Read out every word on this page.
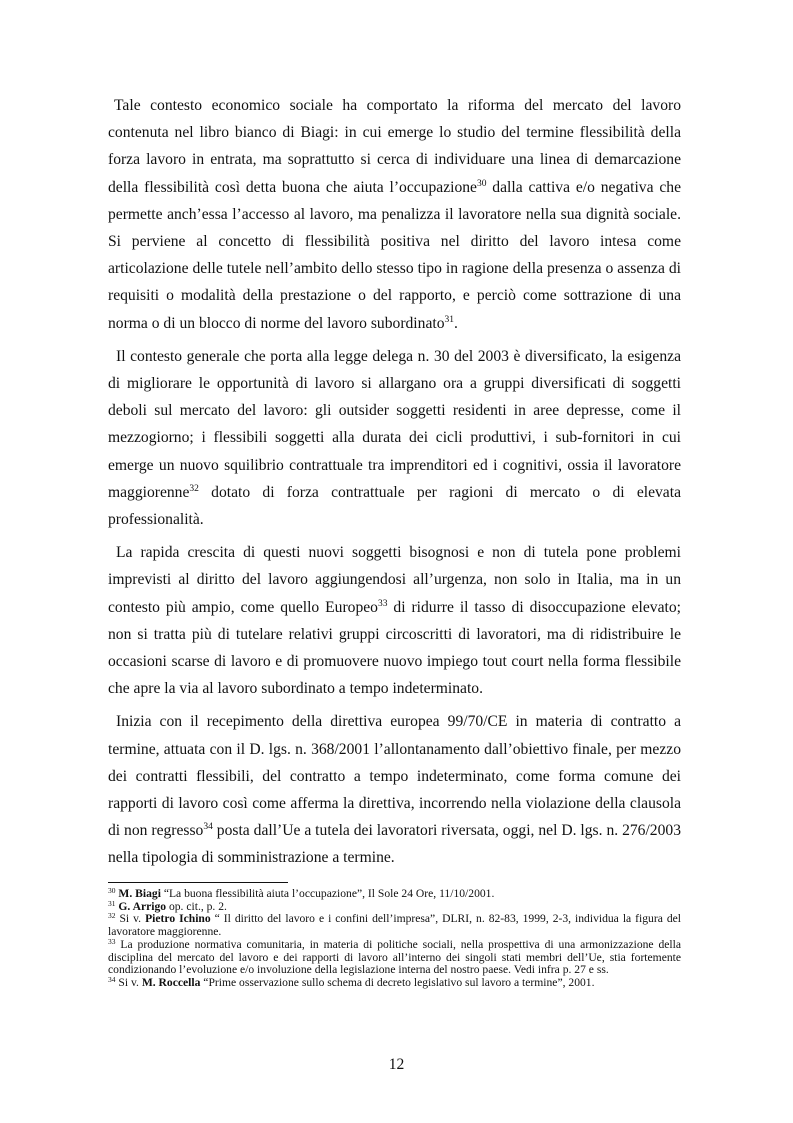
Tale contesto economico sociale ha comportato la riforma del mercato del lavoro contenuta nel libro bianco di Biagi: in cui emerge lo studio del termine flessibilità della forza lavoro in entrata, ma soprattutto si cerca di individuare una linea di demarcazione della flessibilità così detta buona che aiuta l’occupazione$^{30}$ dalla cattiva e/o negativa che permette anch’essa l’accesso al lavoro, ma penalizza il lavoratore nella sua dignità sociale. Si perviene al concetto di flessibilità positiva nel diritto del lavoro intesa come articolazione delle tutele nell’ambito dello stesso tipo in ragione della presenza o assenza di requisiti o modalità della prestazione o del rapporto, e perciò come sottrazione di una norma o di un blocco di norme del lavoro subordinato$^{31}$.

Il contesto generale che porta alla legge delega n. 30 del 2003 è diversificato, la esigenza di migliorare le opportunità di lavoro si allargano ora a gruppi diversificati di soggetti deboli sul mercato del lavoro: gli outsider soggetti residenti in aree depresse, come il mezzogiorno; i flessibili soggetti alla durata dei cicli produttivi, i sub-fornitori in cui emerge un nuovo squilibrio contrattuale tra imprenditori ed i cognitivi, ossia il lavoratore maggiorenne$^{32}$ dotato di forza contrattuale per ragioni di mercato o di elevata professionalità.

La rapida crescita di questi nuovi soggetti bisognosi e non di tutela pone problemi imprevisti al diritto del lavoro aggiungendosi all’urgenza, non solo in Italia, ma in un contesto più ampio, come quello Europeo$^{33}$ di ridurre il tasso di disoccupazione elevato; non si tratta più di tutelare relativi gruppi circoscritti di lavoratori, ma di ridistribuire le occasioni scarse di lavoro e di promuovere nuovo impiego tout court nella forma flessibile che apre la via al lavoro subordinato a tempo indeterminato.

Inizia con il recepimento della direttiva europea 99/70/CE in materia di contratto a termine, attuata con il D. lgs. n. 368/2001 l’allontanamento dall’obiettivo finale, per mezzo dei contratti flessibili, del contratto a tempo indeterminato, come forma comune dei rapporti di lavoro così come afferma la direttiva, incorrendo nella violazione della clausola di non regresso$^{34}$ posta dall’Ue a tutela dei lavoratori riversata, oggi, nel D. lgs. n. 276/2003 nella tipologia di somministrazione a termine.

$^{30}$ M. Biagi “La buona flessibilità aiuta l’occupazione”, Il Sole 24 Ore, 11/10/2001.

$^{31}$ G. Arrigo op. cit., p. 2.

$^{32}$ Si v. Pietro Ichino “ Il diritto del lavoro e i confini dell’impresa”, DLRI, n. 82-83, 1999, 2-3, individua la figura del lavoratore maggiorenne.

$^{33}$ La produzione normativa comunitaria, in materia di politiche sociali, nella prospettiva di una armonizzazione della disciplina del mercato del lavoro e dei rapporti di lavoro all’interno dei singoli stati membri dell’Ue, stia fortemente condizionando l’evoluzione e/o involuzione della legislazione interna del nostro paese. Vedi infra p. 27 e ss.

$^{34}$ Si v. M. Roccella “Prime osservazione sullo schema di decreto legislativo sul lavoro a termine”, 2001.

12
